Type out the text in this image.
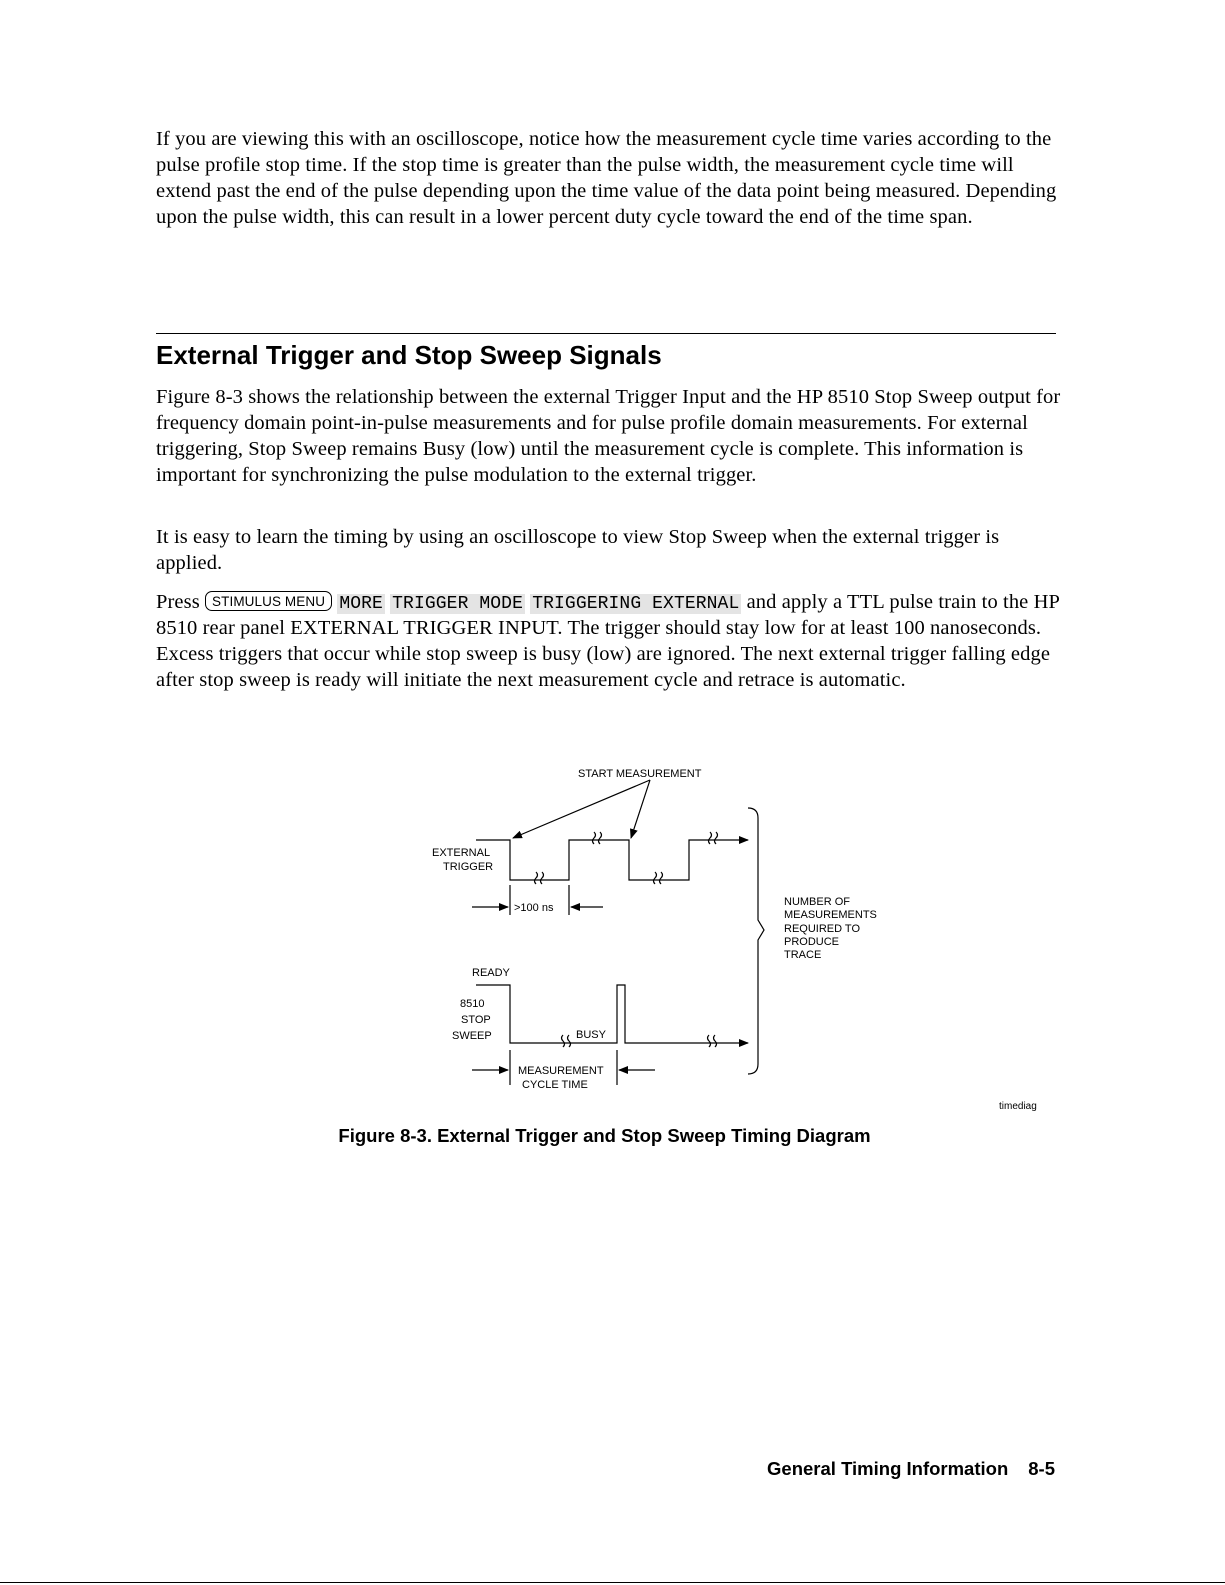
If you are viewing this with an oscilloscope, notice how the measurement cycle time varies according to the pulse profile stop time. If the stop time is greater than the pulse width, the measurement cycle time will extend past the end of the pulse depending upon the time value of the data point being measured. Depending upon the pulse width, this can result in a lower percent duty cycle toward the end of the time span.

External Trigger and Stop Sweep Signals

Figure 8-3 shows the relationship between the external Trigger Input and the HP 8510 Stop Sweep output for frequency domain point-in-pulse measurements and for pulse profile domain measurements. For external triggering, Stop Sweep remains Busy (low) until the measurement cycle is complete. This information is important for synchronizing the pulse modulation to the external trigger.

It is easy to learn the timing by using an oscilloscope to view Stop Sweep when the external trigger is applied.

Press STIMULUS MENU MORE TRIGGER MODE TRIGGERING EXTERNAL and apply a TTL pulse train to the HP 8510 rear panel EXTERNAL TRIGGER INPUT. The trigger should stay low for at least 100 nanoseconds. Excess triggers that occur while stop sweep is busy (low) are ignored. The next external trigger falling edge after stop sweep is ready will initiate the next measurement cycle and retrace is automatic.

START MEASUREMENT
EXTERNAL
TRIGGER
>100 ns	NUMBER OF
MEASUREMENTS
REQUIRED TO
PRODUCE
TRACE
READY
8510
STOP
SWEEP	BUSY
MEASUREMENT
CYCLE TIME
timediag

Figure 8-3. External Trigger and Stop Sweep Timing Diagram

General Timing Information 8-5
